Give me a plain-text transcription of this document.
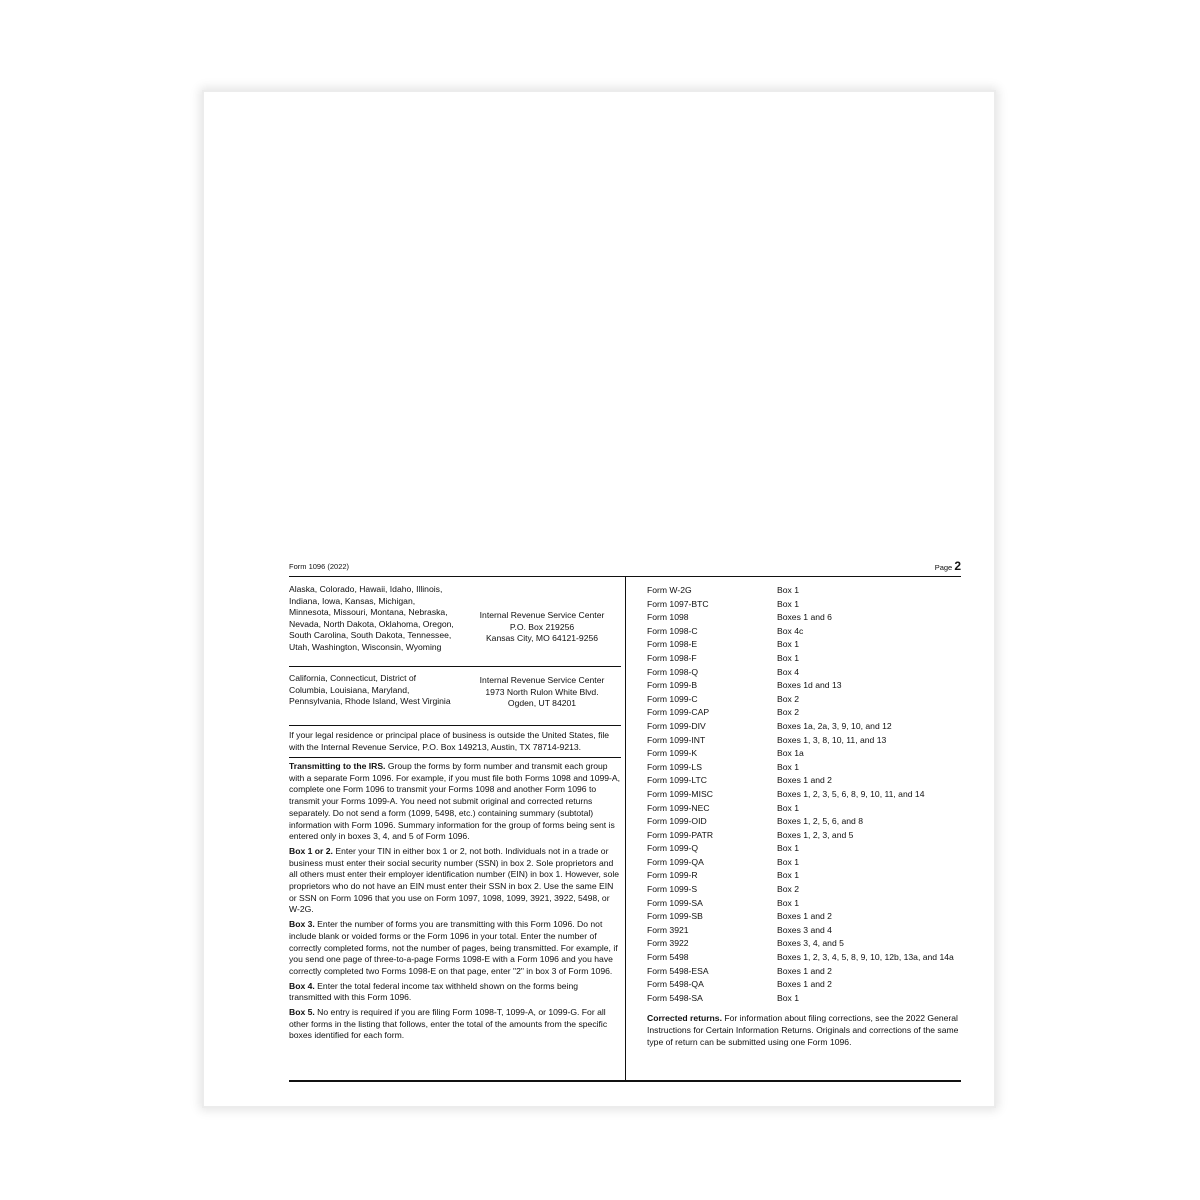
Form 1096 (2022)	Page 2
Alaska, Colorado, Hawaii, Idaho, Illinois, Indiana, Iowa, Kansas, Michigan, Minnesota, Missouri, Montana, Nebraska, Nevada, North Dakota, Oklahoma, Oregon, South Carolina, South Dakota, Tennessee, Utah, Washington, Wisconsin, Wyoming
Internal Revenue Service Center
P.O. Box 219256
Kansas City, MO 64121-9256
California, Connecticut, District of Columbia, Louisiana, Maryland, Pennsylvania, Rhode Island, West Virginia
Internal Revenue Service Center
1973 North Rulon White Blvd.
Ogden, UT 84201
If your legal residence or principal place of business is outside the United States, file with the Internal Revenue Service, P.O. Box 149213, Austin, TX 78714-9213.
Transmitting to the IRS. Group the forms by form number and transmit each group with a separate Form 1096. For example, if you must file both Forms 1098 and 1099-A, complete one Form 1096 to transmit your Forms 1098 and another Form 1096 to transmit your Forms 1099-A. You need not submit original and corrected returns separately. Do not send a form (1099, 5498, etc.) containing summary (subtotal) information with Form 1096. Summary information for the group of forms being sent is entered only in boxes 3, 4, and 5 of Form 1096.
Box 1 or 2. Enter your TIN in either box 1 or 2, not both. Individuals not in a trade or business must enter their social security number (SSN) in box 2. Sole proprietors and all others must enter their employer identification number (EIN) in box 1. However, sole proprietors who do not have an EIN must enter their SSN in box 2. Use the same EIN or SSN on Form 1096 that you use on Form 1097, 1098, 1099, 3921, 3922, 5498, or W-2G.
Box 3. Enter the number of forms you are transmitting with this Form 1096. Do not include blank or voided forms or the Form 1096 in your total. Enter the number of correctly completed forms, not the number of pages, being transmitted. For example, if you send one page of three-to-a-page Forms 1098-E with a Form 1096 and you have correctly completed two Forms 1098-E on that page, enter "2" in box 3 of Form 1096.
Box 4. Enter the total federal income tax withheld shown on the forms being transmitted with this Form 1096.
Box 5. No entry is required if you are filing Form 1098-T, 1099-A, or 1099-G. For all other forms in the listing that follows, enter the total of the amounts from the specific boxes identified for each form.
Form W-2G	Box 1
Form 1097-BTC	Box 1
Form 1098	Boxes 1 and 6
Form 1098-C	Box 4c
Form 1098-E	Box 1
Form 1098-F	Box 1
Form 1098-Q	Box 4
Form 1099-B	Boxes 1d and 13
Form 1099-C	Box 2
Form 1099-CAP	Box 2
Form 1099-DIV	Boxes 1a, 2a, 3, 9, 10, and 12
Form 1099-INT	Boxes 1, 3, 8, 10, 11, and 13
Form 1099-K	Box 1a
Form 1099-LS	Box 1
Form 1099-LTC	Boxes 1 and 2
Form 1099-MISC	Boxes 1, 2, 3, 5, 6, 8, 9, 10, 11, and 14
Form 1099-NEC	Box 1
Form 1099-OID	Boxes 1, 2, 5, 6, and 8
Form 1099-PATR	Boxes 1, 2, 3, and 5
Form 1099-Q	Box 1
Form 1099-QA	Box 1
Form 1099-R	Box 1
Form 1099-S	Box 2
Form 1099-SA	Box 1
Form 1099-SB	Boxes 1 and 2
Form 3921	Boxes 3 and 4
Form 3922	Boxes 3, 4, and 5
Form 5498	Boxes 1, 2, 3, 4, 5, 8, 9, 10, 12b, 13a, and 14a
Form 5498-ESA	Boxes 1 and 2
Form 5498-QA	Boxes 1 and 2
Form 5498-SA	Box 1
Corrected returns. For information about filing corrections, see the 2022 General Instructions for Certain Information Returns. Originals and corrections of the same type of return can be submitted using one Form 1096.
